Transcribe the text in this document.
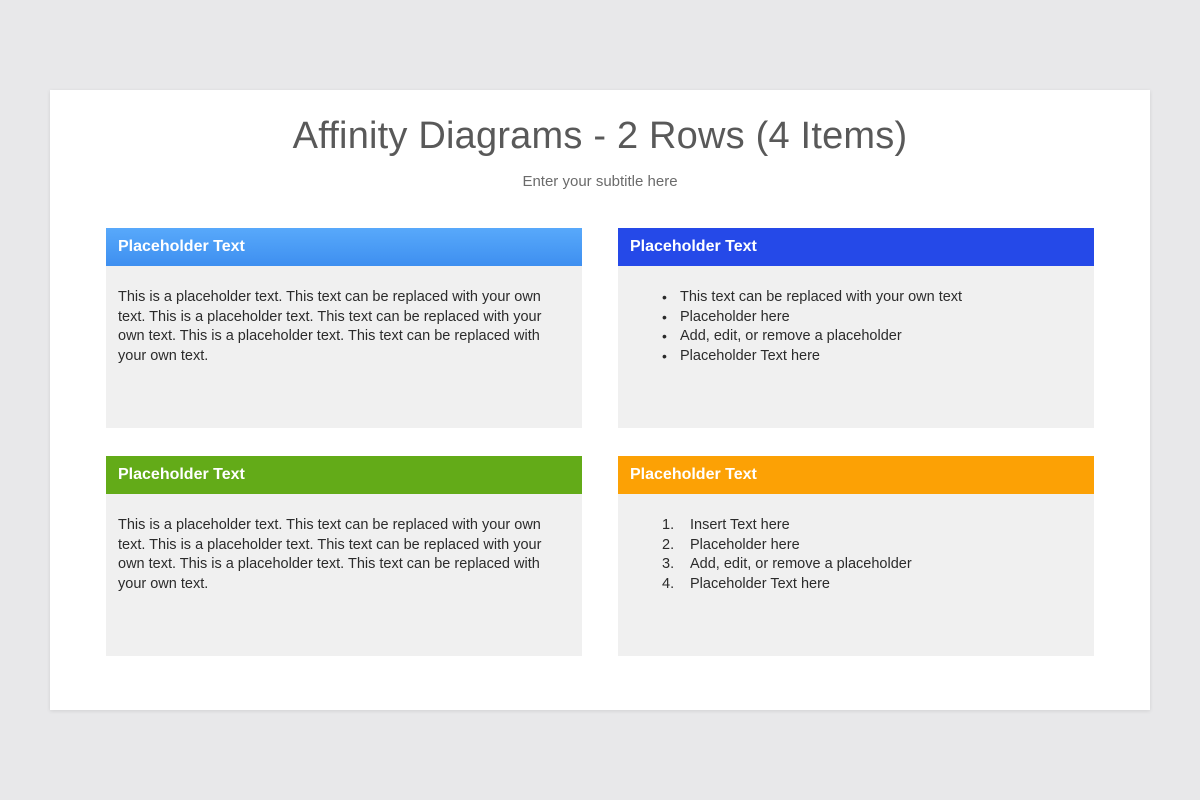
Affinity Diagrams - 2 Rows (4 Items)

Enter your subtitle here

Placeholder Text

This is a placeholder text. This text can be replaced with your own text. This is a placeholder text. This text can be replaced with your own text. This is a placeholder text. This text can be replaced with your own text.

Placeholder Text
• This text can be replaced with your own text
• Placeholder here
• Add, edit, or remove a placeholder
• Placeholder Text here
Placeholder Text

This is a placeholder text. This text can be replaced with your own text. This is a placeholder text. This text can be replaced with your own text. This is a placeholder text. This text can be replaced with your own text.

Placeholder Text
Insert Text here
Placeholder here
Add, edit, or remove a placeholder
Placeholder Text here
